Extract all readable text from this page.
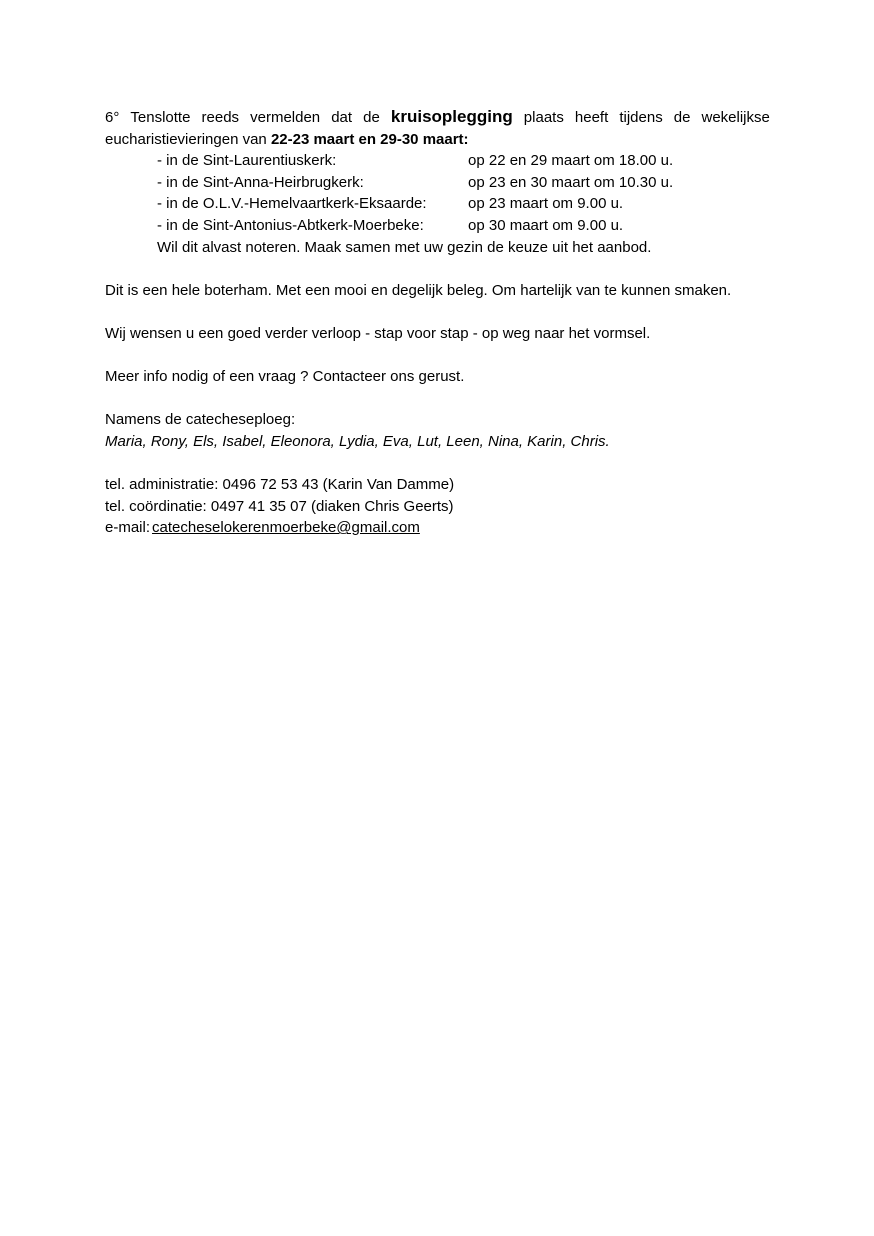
6° Tenslotte reeds vermelden dat de kruisoplegging plaats heeft tijdens de wekelijkse
eucharistievieringen van 22-23 maart en 29-30 maart:
- in de Sint-Laurentiuskerk:	op 22 en 29 maart om 18.00 u.
- in de Sint-Anna-Heirbrugkerk:	op 23 en 30 maart om 10.30 u.
- in de O.L.V.-Hemelvaartkerk-Eksaarde:	op 23 maart om 9.00 u.
- in de Sint-Antonius-Abtkerk-Moerbeke:	op 30 maart om 9.00 u.
Wil dit alvast noteren. Maak samen met uw gezin de keuze uit het aanbod.
Dit is een hele boterham. Met een mooi en degelijk beleg. Om hartelijk van te kunnen smaken.
Wij wensen u een goed verder verloop - stap voor stap - op weg naar het vormsel.
Meer info nodig of een vraag ? Contacteer ons gerust.
Namens de catecheseploeg:
Maria, Rony, Els, Isabel, Eleonora, Lydia, Eva, Lut, Leen, Nina, Karin, Chris.
tel. administratie: 0496 72 53 43 (Karin Van Damme)
tel. coördinatie: 0497 41 35 07 (diaken Chris Geerts)
e-mail: catecheselokerenmoerbeke@gmail.com
